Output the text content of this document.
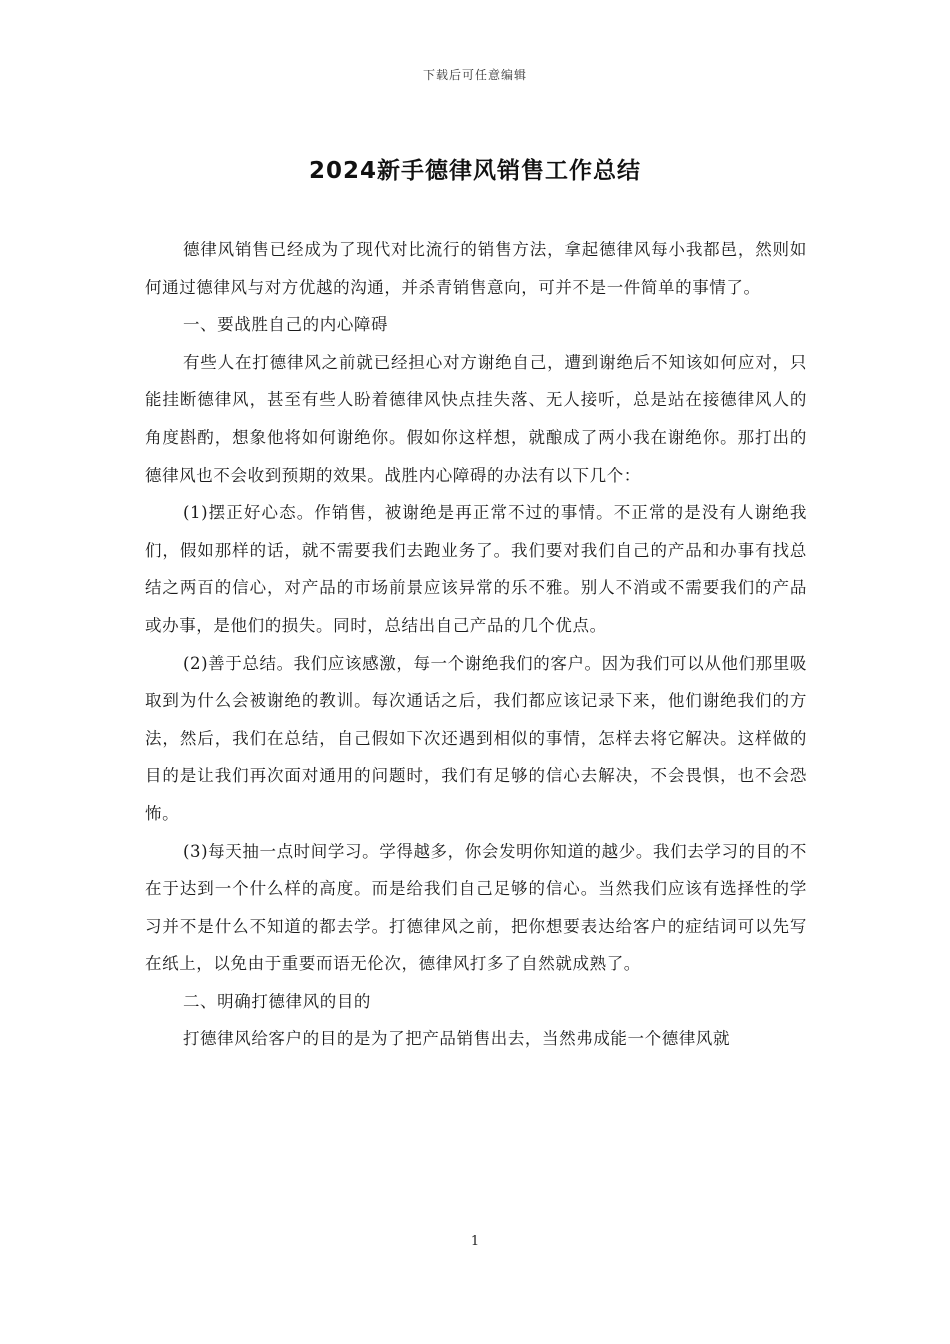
下载后可任意编辑
2024新手德律风销售工作总结

德律风销售已经成为了现代对比流行的销售方法，拿起德律风每小我都邑，然则如何通过德律风与对方优越的沟通，并杀青销售意向，可并不是一件简单的事情了。

一、要战胜自己的内心障碍

有些人在打德律风之前就已经担心对方谢绝自己，遭到谢绝后不知该如何应对，只能挂断德律风，甚至有些人盼着德律风快点挂失落、无人接听，总是站在接德律风人的角度斟酌，想象他将如何谢绝你。假如你这样想，就酿成了两小我在谢绝你。那打出的德律风也不会收到预期的效果。战胜内心障碍的办法有以下几个：

(1)摆正好心态。作销售，被谢绝是再正常不过的事情。不正常的是没有人谢绝我们，假如那样的话，就不需要我们去跑业务了。我们要对我们自己的产品和办事有找总结之两百的信心，对产品的市场前景应该异常的乐不雅。别人不消或不需要我们的产品或办事，是他们的损失。同时，总结出自己产品的几个优点。

(2)善于总结。我们应该感激，每一个谢绝我们的客户。因为我们可以从他们那里吸取到为什么会被谢绝的教训。每次通话之后，我们都应该记录下来，他们谢绝我们的方法，然后，我们在总结，自己假如下次还遇到相似的事情，怎样去将它解决。这样做的目的是让我们再次面对通用的问题时，我们有足够的信心去解决，不会畏惧，也不会恐怖。

(3)每天抽一点时间学习。学得越多，你会发明你知道的越少。我们去学习的目的不在于达到一个什么样的高度。而是给我们自己足够的信心。当然我们应该有选择性的学习并不是什么不知道的都去学。打德律风之前，把你想要表达给客户的症结词可以先写在纸上，以免由于重要而语无伦次，德律风打多了自然就成熟了。

二、明确打德律风的目的

打德律风给客户的目的是为了把产品销售出去，当然弗成能一个德律风就

1
